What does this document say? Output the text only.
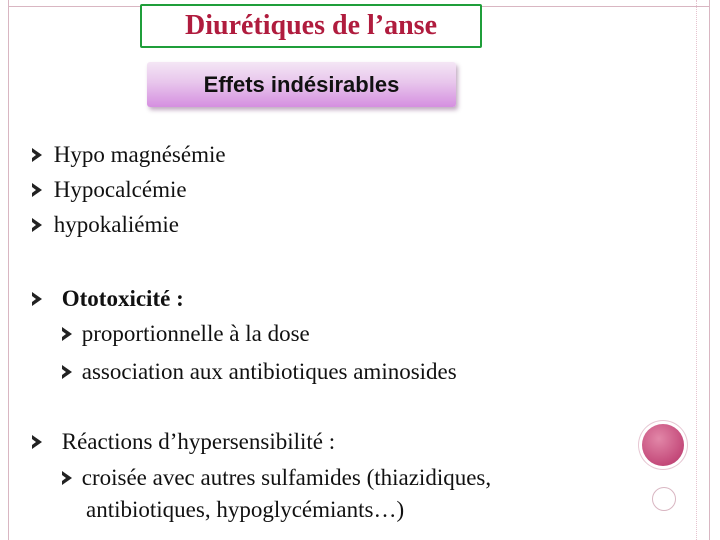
Diurétiques de l’anse
Effets indésirables
Hypo magnésémie
Hypocalcémie
hypokaliémie
Ototoxicité :
proportionnelle à la dose
association aux antibiotiques aminosides
Réactions d’hypersensibilité :
croisée avec autres sulfamides (thiazidiques,
antibiotiques, hypoglycémiants…)
